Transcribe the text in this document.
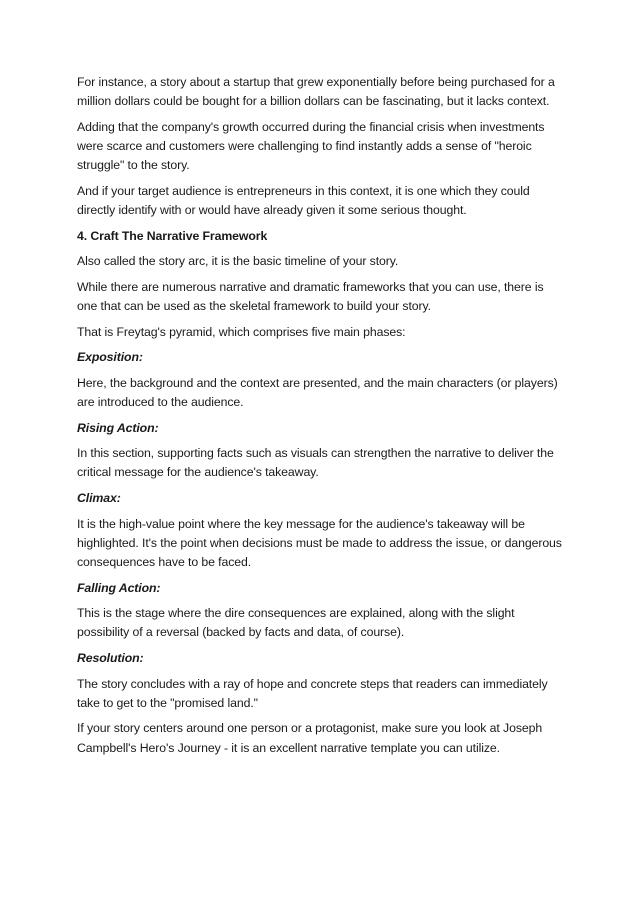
For instance, a story about a startup that grew exponentially before being purchased for a million dollars could be bought for a billion dollars can be fascinating, but it lacks context.

Adding that the company's growth occurred during the financial crisis when investments were scarce and customers were challenging to find instantly adds a sense of "heroic struggle" to the story.

And if your target audience is entrepreneurs in this context, it is one which they could directly identify with or would have already given it some serious thought.

4. Craft The Narrative Framework

Also called the story arc, it is the basic timeline of your story.

While there are numerous narrative and dramatic frameworks that you can use, there is one that can be used as the skeletal framework to build your story.

That is Freytag's pyramid, which comprises five main phases:

Exposition:

Here, the background and the context are presented, and the main characters (or players) are introduced to the audience.

Rising Action:

In this section, supporting facts such as visuals can strengthen the narrative to deliver the critical message for the audience's takeaway.

Climax:

It is the high-value point where the key message for the audience's takeaway will be highlighted. It's the point when decisions must be made to address the issue, or dangerous consequences have to be faced.

Falling Action:

This is the stage where the dire consequences are explained, along with the slight possibility of a reversal (backed by facts and data, of course).

Resolution:

The story concludes with a ray of hope and concrete steps that readers can immediately take to get to the "promised land."

If your story centers around one person or a protagonist, make sure you look at Joseph Campbell's Hero's Journey - it is an excellent narrative template you can utilize.
